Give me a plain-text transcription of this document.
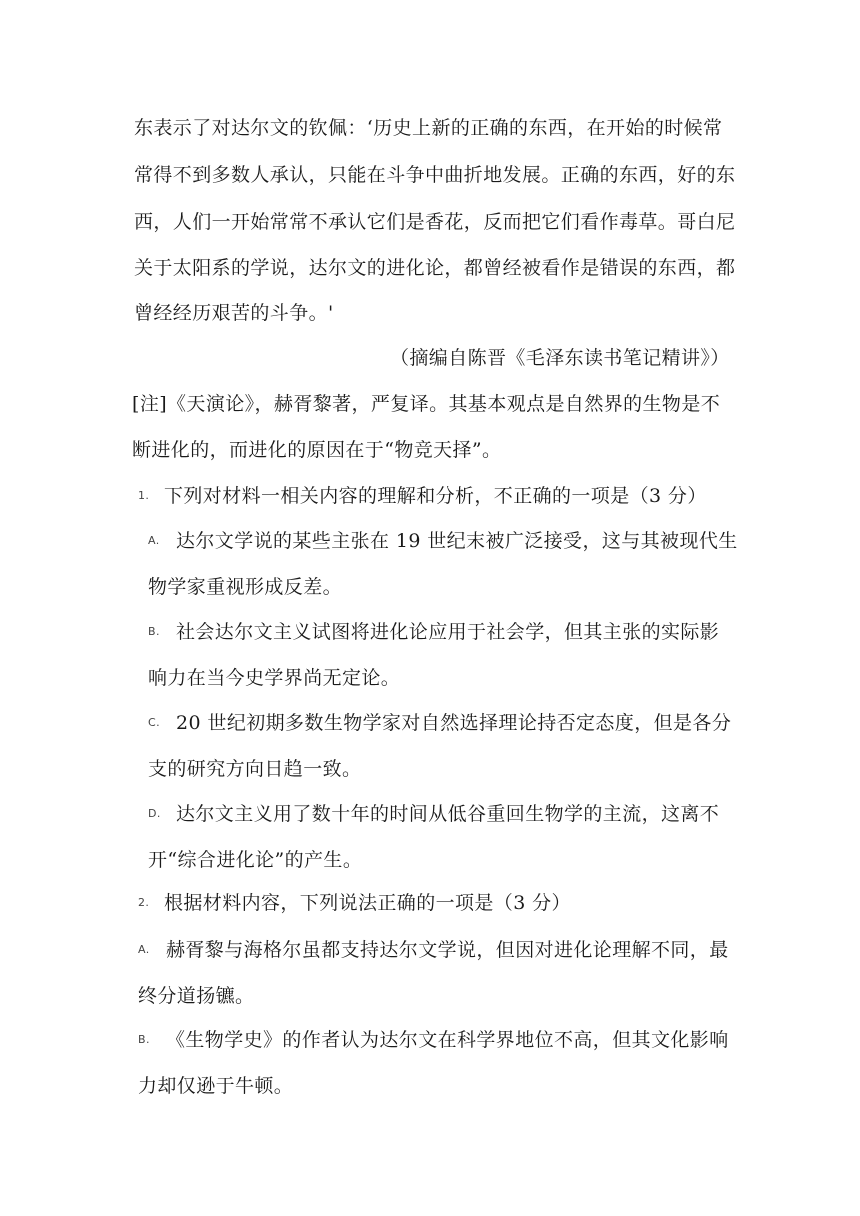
东表示了对达尔文的钦佩：‘历史上新的正确的东西，在开始的时候常
常得不到多数人承认，只能在斗争中曲折地发展。正确的东西，好的东
西，人们一开始常常不承认它们是香花，反而把它们看作毒草。哥白尼
关于太阳系的学说，达尔文的进化论，都曾经被看作是错误的东西，都
曾经经历艰苦的斗争。'
（摘编自陈晋《毛泽东读书笔记精讲》）
[注]《天演论》，赫胥黎著，严复译。其基本观点是自然界的生物是不
断进化的，而进化的原因在于“物竞天择”。
1. 下列对材料一相关内容的理解和分析，不正确的一项是（3 分）
A. 达尔文学说的某些主张在 19 世纪末被广泛接受，这与其被现代生
物学家重视形成反差。
B. 社会达尔文主义试图将进化论应用于社会学，但其主张的实际影
响力在当今史学界尚无定论。
C. 20 世纪初期多数生物学家对自然选择理论持否定态度，但是各分
支的研究方向日趋一致。
D. 达尔文主义用了数十年的时间从低谷重回生物学的主流，这离不
开“综合进化论”的产生。
2. 根据材料内容，下列说法正确的一项是（3 分）
A. 赫胥黎与海格尔虽都支持达尔文学说，但因对进化论理解不同，最
终分道扬镳。
B. 《生物学史》的作者认为达尔文在科学界地位不高，但其文化影响
力却仅逊于牛顿。
